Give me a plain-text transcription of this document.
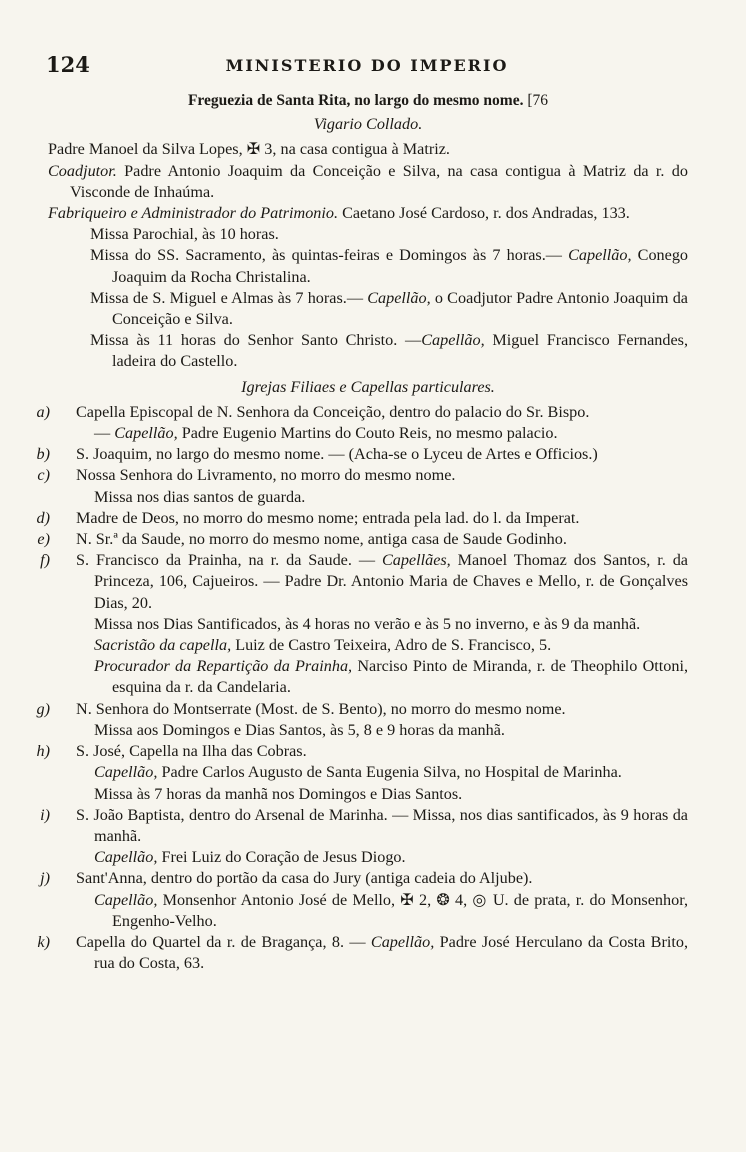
124	MINISTERIO DO IMPERIO

Freguezia de Santa Rita, no largo do mesmo nome. [76

Vigario Collado.

Padre Manoel da Silva Lopes, ✠ 3, na casa contigua à Matriz.

Coadjutor. Padre Antonio Joaquim da Conceição e Silva, na casa contigua à Matriz da r. do Visconde de Inhaúma.

Fabriqueiro e Administrador do Patrimonio. Caetano José Cardoso, r. dos Andradas, 133.

Missa Parochial, às 10 horas.

Missa do SS. Sacramento, às quintas-feiras e Domingos às 7 horas.— Capellão, Conego Joaquim da Rocha Christalina.

Missa de S. Miguel e Almas às 7 horas.— Capellão, o Coadjutor Padre Antonio Joaquim da Conceição e Silva.

Missa às 11 horas do Senhor Santo Christo. —Capellão, Miguel Francisco Fernandes, ladeira do Castello.

Igrejas Filiaes e Capellas particulares.

a) Capella Episcopal de N. Senhora da Conceição, dentro do palacio do Sr. Bispo.

— Capellão, Padre Eugenio Martins do Couto Reis, no mesmo palacio.

b) S. Joaquim, no largo do mesmo nome. — (Acha-se o Lyceu de Artes e Officios.)

c) Nossa Senhora do Livramento, no morro do mesmo nome.

Missa nos dias santos de guarda.

d) Madre de Deos, no morro do mesmo nome; entrada pela lad. do l. da Imperat.

e) N. Sr.ª da Saude, no morro do mesmo nome, antiga casa de Saude Godinho.

f) S. Francisco da Prainha, na r. da Saude. — Capellães, Manoel Thomaz dos Santos, r. da Princeza, 106, Cajueiros. — Padre Dr. Antonio Maria de Chaves e Mello, r. de Gonçalves Dias, 20.

Missa nos Dias Santificados, às 4 horas no verão e às 5 no inverno, e às 9 da manhã.

Sacristão da capella, Luiz de Castro Teixeira, Adro de S. Francisco, 5.

Procurador da Repartição da Prainha, Narciso Pinto de Miranda, r. de Theophilo Ottoni, esquina da r. da Candelaria.

g) N. Senhora do Montserrate (Most. de S. Bento), no morro do mesmo nome.

Missa aos Domingos e Dias Santos, às 5, 8 e 9 horas da manhã.

h) S. José, Capella na Ilha das Cobras.

Capellão, Padre Carlos Augusto de Santa Eugenia Silva, no Hospital de Marinha.

Missa às 7 horas da manhã nos Domingos e Dias Santos.

i) S. João Baptista, dentro do Arsenal de Marinha. — Missa, nos dias santificados, às 9 horas da manhã.

Capellão, Frei Luiz do Coração de Jesus Diogo.

j) Sant'Anna, dentro do portão da casa do Jury (antiga cadeia do Aljube).

Capellão, Monsenhor Antonio José de Mello, ✠ 2, ❂ 4, ◎ U. de prata, r. do Monsenhor, Engenho-Velho.

k) Capella do Quartel da r. de Bragança, 8. — Capellão, Padre José Herculano da Costa Brito, rua do Costa, 63.
